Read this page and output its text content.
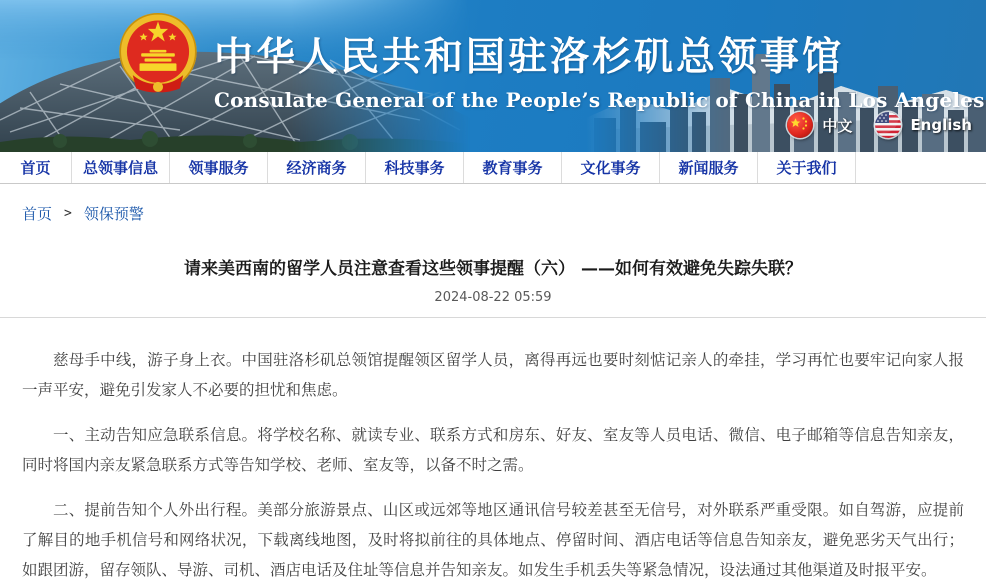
中华人民共和国驻洛杉矶总领事馆
Consulate General of the People’s Republic of China in Los Angeles
中文	English
首页	总领事信息	领事服务	经济商务	科技事务	教育事务	文化事务	新闻服务	关于我们
首页 > 领保预警
请来美西南的留学人员注意查看这些领事提醒（六） ——如何有效避免失踪失联？
2024-08-22 05:59

慈母手中线，游子身上衣。中国驻洛杉矶总领馆提醒领区留学人员，离得再远也要时刻惦记亲人的牵挂，学习再忙也要牢记向家人报一声平安，避免引发家人不必要的担忧和焦虑。

一、主动告知应急联系信息。将学校名称、就读专业、联系方式和房东、好友、室友等人员电话、微信、电子邮箱等信息告知亲友，同时将国内亲友紧急联系方式等告知学校、老师、室友等，以备不时之需。

二、提前告知个人外出行程。美部分旅游景点、山区或远郊等地区通讯信号较差甚至无信号，对外联系严重受限。如自驾游，应提前了解目的地手机信号和网络状况，下载离线地图，及时将拟前往的具体地点、停留时间、酒店电话等信息告知亲友，避免恶劣天气出行；如跟团游，留存领队、导游、司机、酒店电话及住址等信息并告知亲友。如发生手机丢失等紧急情况，设法通过其他渠道及时报平安。
